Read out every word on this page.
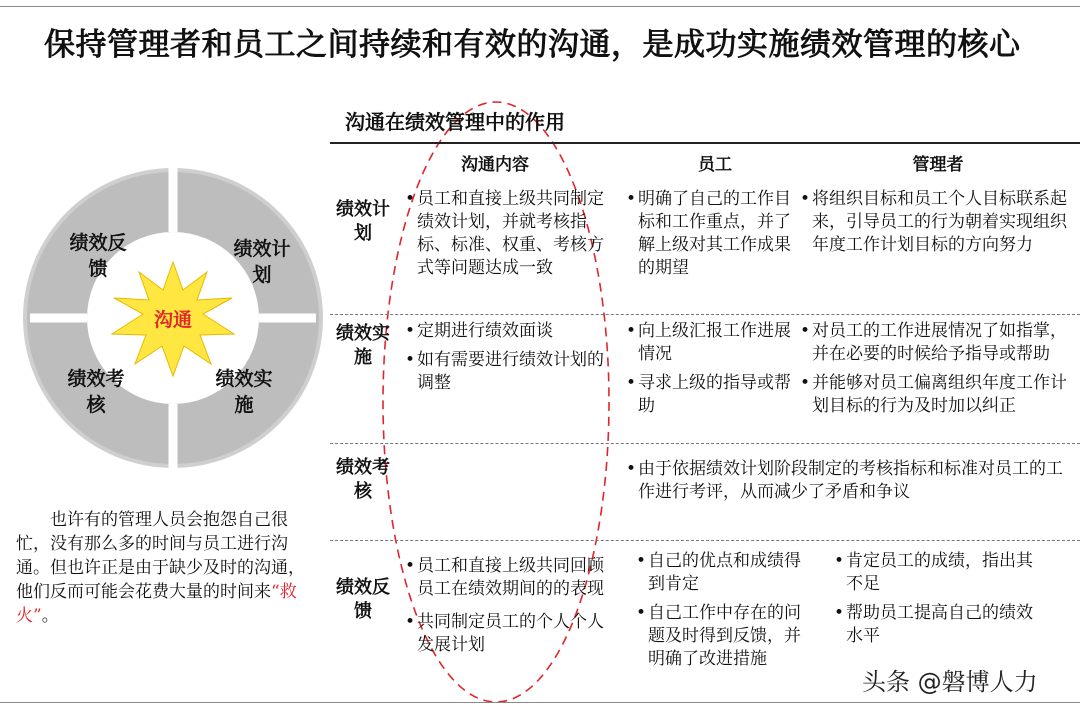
保持管理者和员工之间持续和有效的沟通，是成功实施绩效管理的核心
绩效反馈
绩效计划
绩效考核
绩效实施
沟通
也许有的管理人员会抱怨自己很忙，没有那么多的时间与员工进行沟通。但也许正是由于缺少及时的沟通，他们反而可能会花费大量的时间来“救火”。
沟通在绩效管理中的作用
沟通内容	员工	管理者
绩效计划
• 员工和直接上级共同制定绩效计划，并就考核指标、标准、权重、考核方式等问题达成一致
• 明确了自己的工作目标和工作重点，并了解上级对其工作成果的期望
• 将组织目标和员工个人目标联系起来，引导员工的行为朝着实现组织年度工作计划目标的方向努力
绩效实施
• 定期进行绩效面谈
• 如有需要进行绩效计划的调整
• 向上级汇报工作进展情况
• 寻求上级的指导或帮助
• 对员工的工作进展情况了如指掌，并在必要的时候给予指导或帮助
• 并能够对员工偏离组织年度工作计划目标的行为及时加以纠正
绩效考核
• 由于依据绩效计划阶段制定的考核指标和标准对员工的工作进行考评，从而减少了矛盾和争议
绩效反馈
• 员工和直接上级共同回顾员工在绩效期间的的表现
• 共同制定员工的个人个人发展计划
• 自己的优点和成绩得到肯定
• 自己工作中存在的问题及时得到反馈，并明确了改进措施
• 肯定员工的成绩，指出其不足
• 帮助员工提高自己的绩效水平
头条 @磐博人力
